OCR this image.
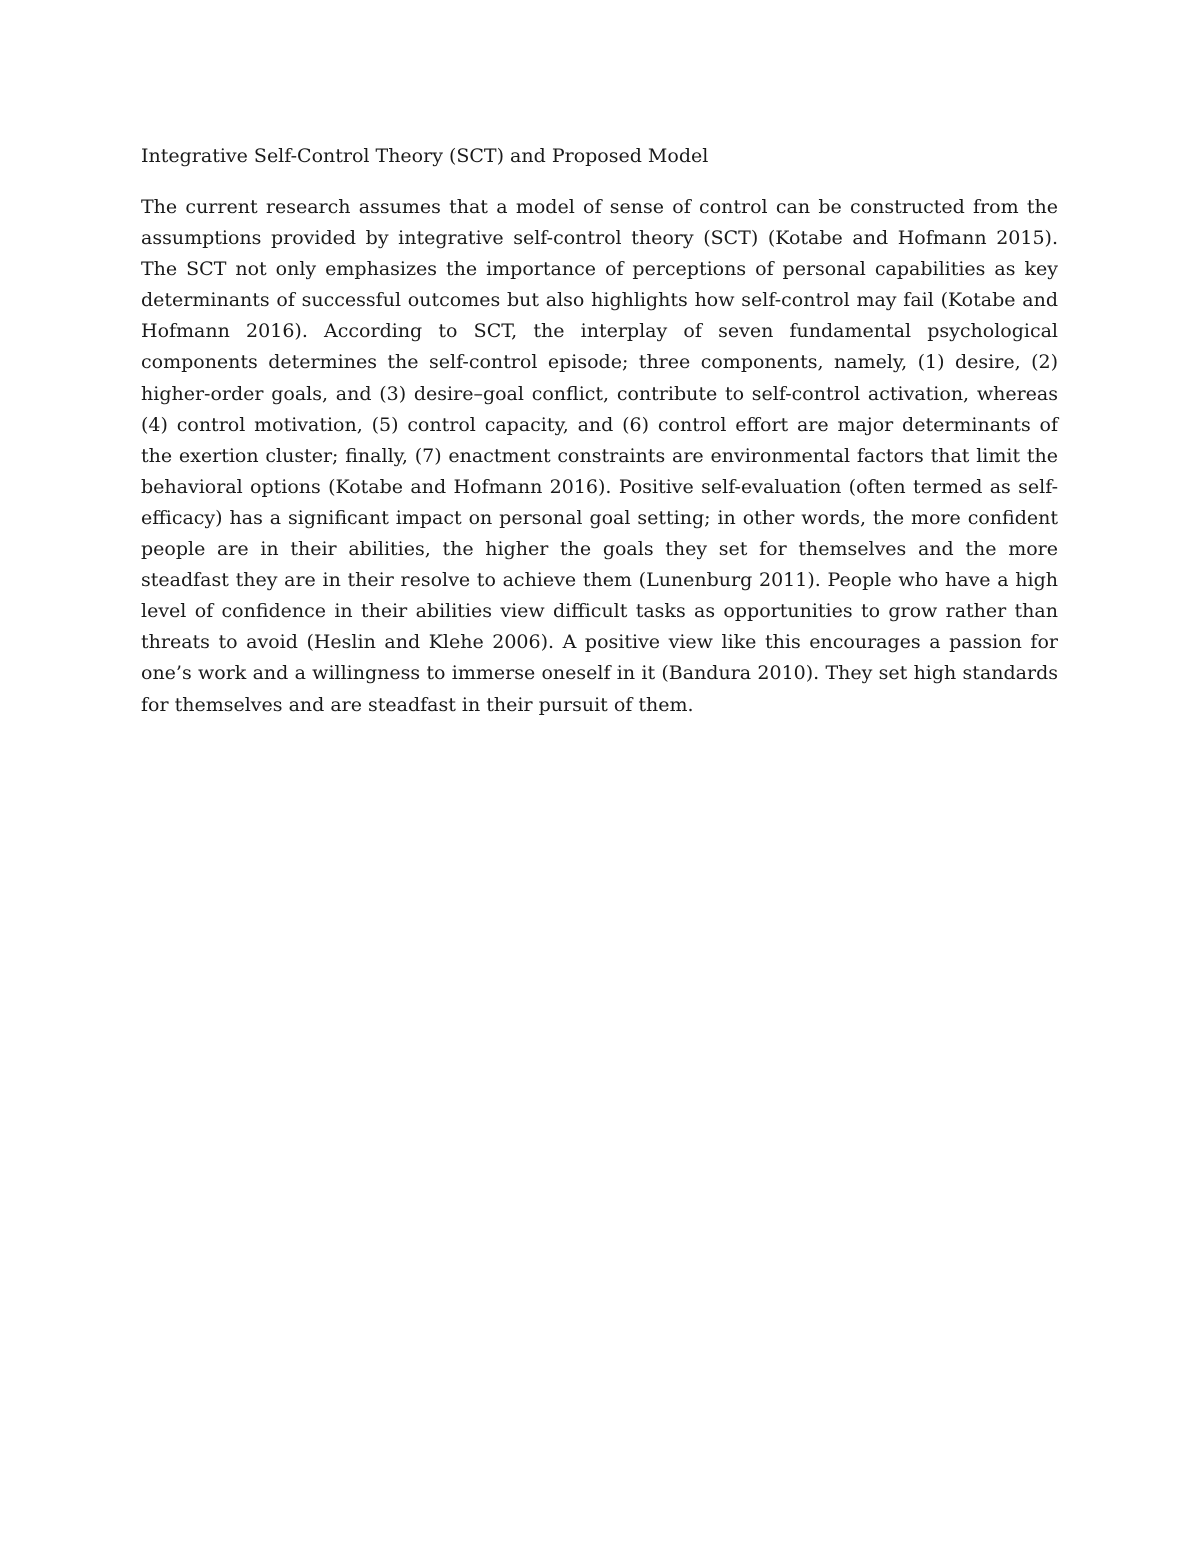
Integrative Self-Control Theory (SCT) and Proposed Model

The current research assumes that a model of sense of control can be constructed from the assumptions provided by integrative self-control theory (SCT) (Kotabe and Hofmann 2015). The SCT not only emphasizes the importance of perceptions of personal capabilities as key determinants of successful outcomes but also highlights how self-control may fail (Kotabe and Hofmann 2016). According to SCT, the interplay of seven fundamental psychological components determines the self-control episode; three components, namely, (1) desire, (2) higher-order goals, and (3) desire–goal conflict, contribute to self-control activation, whereas (4) control motivation, (5) control capacity, and (6) control effort are major determinants of the exertion cluster; finally, (7) enactment constraints are environmental factors that limit the behavioral options (Kotabe and Hofmann 2016). Positive self-evaluation (often termed as self-efficacy) has a significant impact on personal goal setting; in other words, the more confident people are in their abilities, the higher the goals they set for themselves and the more steadfast they are in their resolve to achieve them (Lunenburg 2011). People who have a high level of confidence in their abilities view difficult tasks as opportunities to grow rather than threats to avoid (Heslin and Klehe 2006). A positive view like this encourages a passion for one’s work and a willingness to immerse oneself in it (Bandura 2010). They set high standards for themselves and are steadfast in their pursuit of them.
